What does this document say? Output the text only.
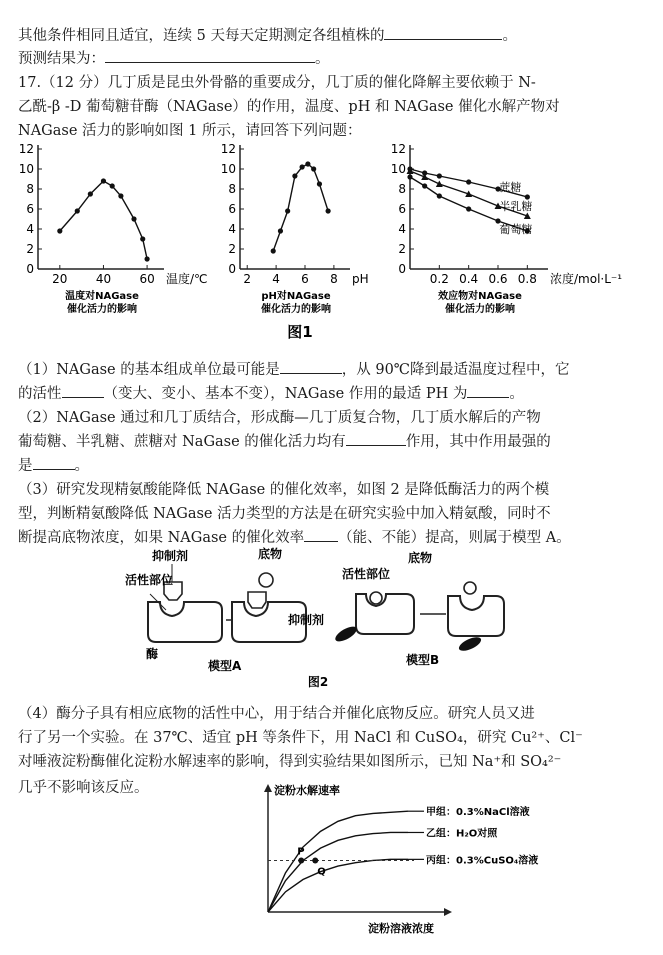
其他条件相同且适宜，连续 5 天每天定期测定各组植株的	。
预测结果为：	。
17.（12 分）几丁质是昆虫外骨骼的重要成分，几丁质的催化降解主要依赖于 N-
乙酰-β -D 葡萄糖苷酶（NAGase）的作用，温度、pH 和 NAGase 催化水解产物对
NAGase 活力的影响如图 1 所示，请回答下列问题：
0
2
4
6
8
10
12
20 40 60 温度/℃
温度对NAGase
催化活力的影响
0
2
4
6
8
10
12
2 4 6 8 pH
pH对NAGase
催化活力的影响
0
2
4
6
8
10
12
0.2 0.4 0.6 0.8 浓度/mol·L⁻¹
效应物对NAGase
催化活力的影响
蔗糖
半乳糖
葡萄糖
图1
（1）NAGase 的基本组成单位最可能是	，从 90℃降到最适温度过程中，它
的活性	（变大、变小、基本不变），NAGase 作用的最适 PH 为	。
（2）NAGase 通过和几丁质结合，形成酶—几丁质复合物，几丁质水解后的产物
葡萄糖、半乳糖、蔗糖对 NaGase 的催化活力均有	作用，其中作用最强的
是	。
（3）研究发现精氨酸能降低 NAGase 的催化效率，如图 2 是降低酶活力的两个模
型，判断精氨酸降低 NAGase 活力类型的方法是在研究实验中加入精氨酸，同时不
断提高底物浓度，如果 NAGase 的催化效率 （能、不能）提高，则属于模型 A。
活性部位
抑制剂
酶
底物
模型A
活性部位
底物
抑制剂
模型B
图2
（4）酶分子具有相应底物的活性中心，用于结合并催化底物反应。研究人员又进
行了另一个实验。在 37℃、适宜 pH 等条件下，用 NaCl 和 CuSO₄，研究 Cu²⁺、Cl⁻
对唾液淀粉酶催化淀粉水解速率的影响，得到实验结果如图所示，已知 Na⁺和 SO₄²⁻
几乎不影响该反应。	淀粉水解速率
淀粉溶液浓度
甲组：0.3%NaCl溶液
乙组：H₂O对照
丙组：0.3%CuSO₄溶液
P
Q
